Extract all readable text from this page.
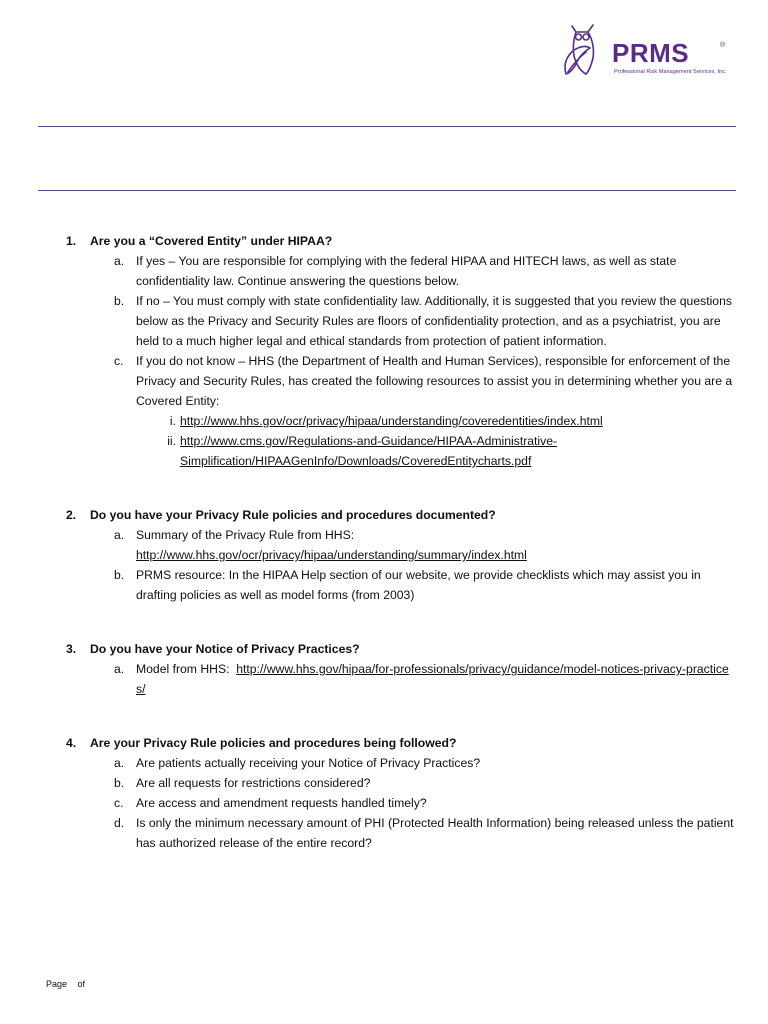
PRMS	®
Professional Risk Management Services, Inc.
1. Are you a “Covered Entity” under HIPAA?
a. If yes – You are responsible for complying with the federal HIPAA and HITECH laws, as well as state confidentiality law. Continue answering the questions below.
b. If no – You must comply with state confidentiality law. Additionally, it is suggested that you review the questions below as the Privacy and Security Rules are floors of confidentiality protection, and as a psychiatrist, you are held to a much higher legal and ethical standards from protection of patient information.
c. If you do not know – HHS (the Department of Health and Human Services), responsible for enforcement of the Privacy and Security Rules, has created the following resources to assist you in determining whether you are a Covered Entity:
i. http://www.hhs.gov/ocr/privacy/hipaa/understanding/coveredentities/index.html
ii. http://www.cms.gov/Regulations-and-Guidance/HIPAA-Administrative-Simplification/HIPAAGenInfo/Downloads/CoveredEntitycharts.pdf
2. Do you have your Privacy Rule policies and procedures documented?
a. Summary of the Privacy Rule from HHS:
http://www.hhs.gov/ocr/privacy/hipaa/understanding/summary/index.html
b. PRMS resource: In the HIPAA Help section of our website, we provide checklists which may assist you in drafting policies as well as model forms (from 2003)
3. Do you have your Notice of Privacy Practices?
a. Model from HHS: http://www.hhs.gov/hipaa/for-professionals/privacy/guidance/model-notices-privacy-practices/
4. Are your Privacy Rule policies and procedures being followed?
a. Are patients actually receiving your Notice of Privacy Practices?
b. Are all requests for restrictions considered?
c. Are access and amendment requests handled timely?
d. Is only the minimum necessary amount of PHI (Protected Health Information) being released unless the patient has authorized release of the entire record?
Page of
